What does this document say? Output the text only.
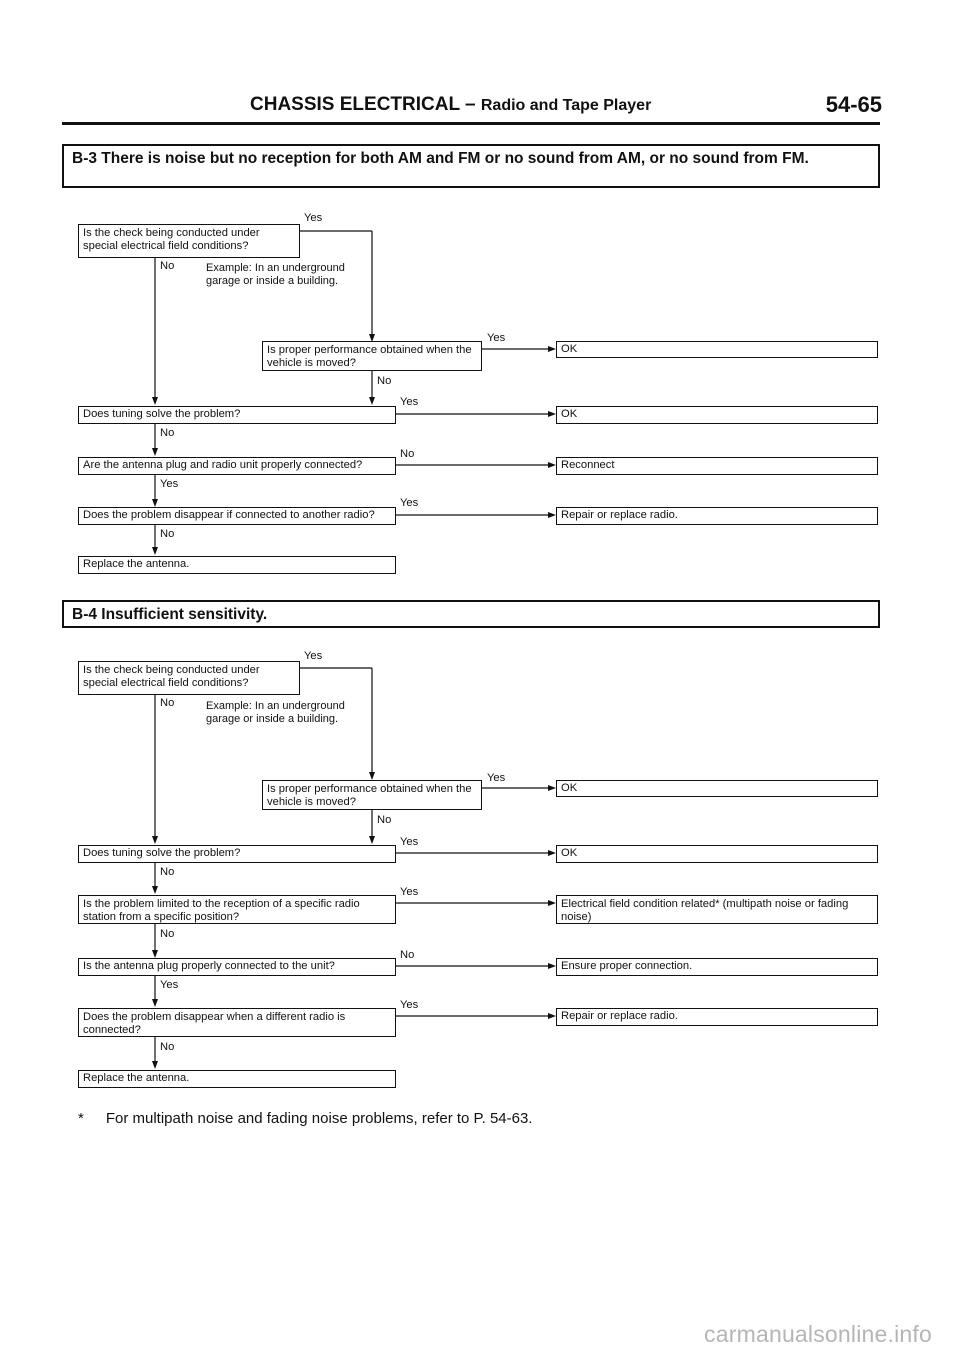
CHASSIS ELECTRICAL – Radio and Tape Player	54-65
B-3 There is noise but no reception for both AM and FM or no sound from AM, or no sound from FM.
Is the check being conducted under special electrical field conditions?
Yes
No	Example: In an underground garage or inside a building.
Is proper performance obtained when the vehicle is moved?
Yes
No
OK
Does tuning solve the problem?
Yes
No
OK
Are the antenna plug and radio unit properly connected?
No
Yes
Reconnect
Does the problem disappear if connected to another radio?
Yes
No
Repair or replace radio.
Replace the antenna.
B-4 Insufficient sensitivity.
Is the check being conducted under special electrical field conditions?
Yes
No	Example: In an underground garage or inside a building.
Is proper performance obtained when the vehicle is moved?
Yes
No
OK
Does tuning solve the problem?
Yes
No
OK
Is the problem limited to the reception of a specific radio station from a specific position?
Yes
No
Electrical field condition related* (multipath noise or fading noise)
Is the antenna plug properly connected to the unit?
No
Yes
Ensure proper connection.
Does the problem disappear when a different radio is connected?
Yes
No
Repair or replace radio.
Replace the antenna.
* For multipath noise and fading noise problems, refer to P. 54-63.
carmanualsonline.info
